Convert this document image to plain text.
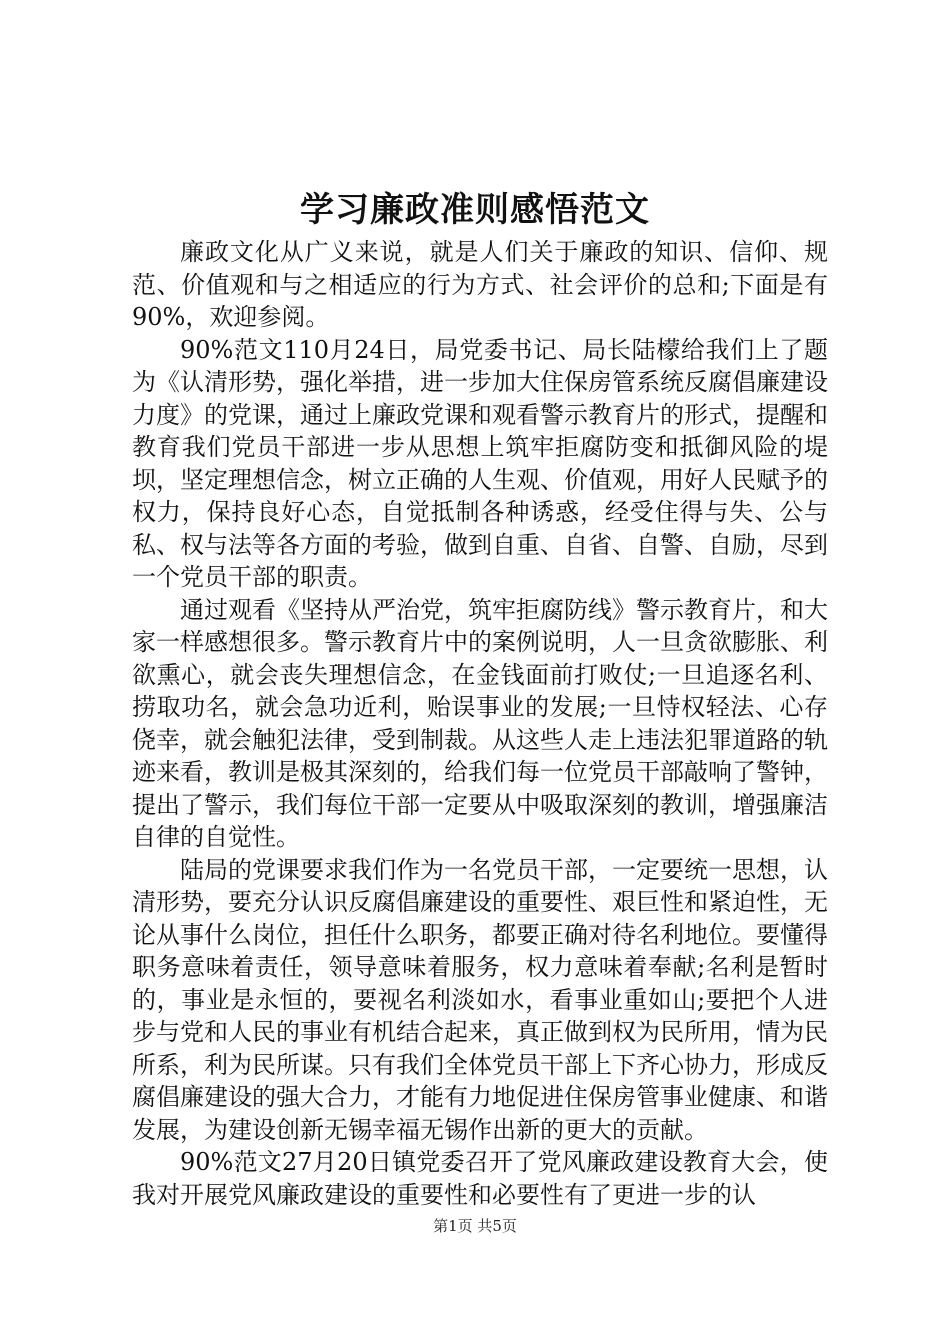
学习廉政准则感悟范文

廉政文化从广义来说，就是人们关于廉政的知识、信仰、规范、价值观和与之相适应的行为方式、社会评价的总和;下面是有90%，欢迎参阅。

90%范文110月24日，局党委书记、局长陆檬给我们上了题为《认清形势，强化举措，进一步加大住保房管系统反腐倡廉建设力度》的党课，通过上廉政党课和观看警示教育片的形式，提醒和教育我们党员干部进一步从思想上筑牢拒腐防变和抵御风险的堤坝，坚定理想信念，树立正确的人生观、价值观，用好人民赋予的权力，保持良好心态，自觉抵制各种诱惑，经受住得与失、公与私、权与法等各方面的考验，做到自重、自省、自警、自励，尽到一个党员干部的职责。

通过观看《坚持从严治党，筑牢拒腐防线》警示教育片，和大家一样感想很多。警示教育片中的案例说明，人一旦贪欲膨胀、利欲熏心，就会丧失理想信念，在金钱面前打败仗;一旦追逐名利、捞取功名，就会急功近利，贻误事业的发展;一旦恃权轻法、心存侥幸，就会触犯法律，受到制裁。从这些人走上违法犯罪道路的轨迹来看，教训是极其深刻的，给我们每一位党员干部敲响了警钟，提出了警示，我们每位干部一定要从中吸取深刻的教训，增强廉洁自律的自觉性。

陆局的党课要求我们作为一名党员干部，一定要统一思想，认清形势，要充分认识反腐倡廉建设的重要性、艰巨性和紧迫性，无论从事什么岗位，担任什么职务，都要正确对待名利地位。要懂得职务意味着责任，领导意味着服务，权力意味着奉献;名利是暂时的，事业是永恒的，要视名利淡如水，看事业重如山;要把个人进步与党和人民的事业有机结合起来，真正做到权为民所用，情为民所系，利为民所谋。只有我们全体党员干部上下齐心协力，形成反腐倡廉建设的强大合力，才能有力地促进住保房管事业健康、和谐发展，为建设创新无锡幸福无锡作出新的更大的贡献。

90%范文27月20日镇党委召开了党风廉政建设教育大会，使我对开展党风廉政建设的重要性和必要性有了更进一步的认

第1页 共5页
